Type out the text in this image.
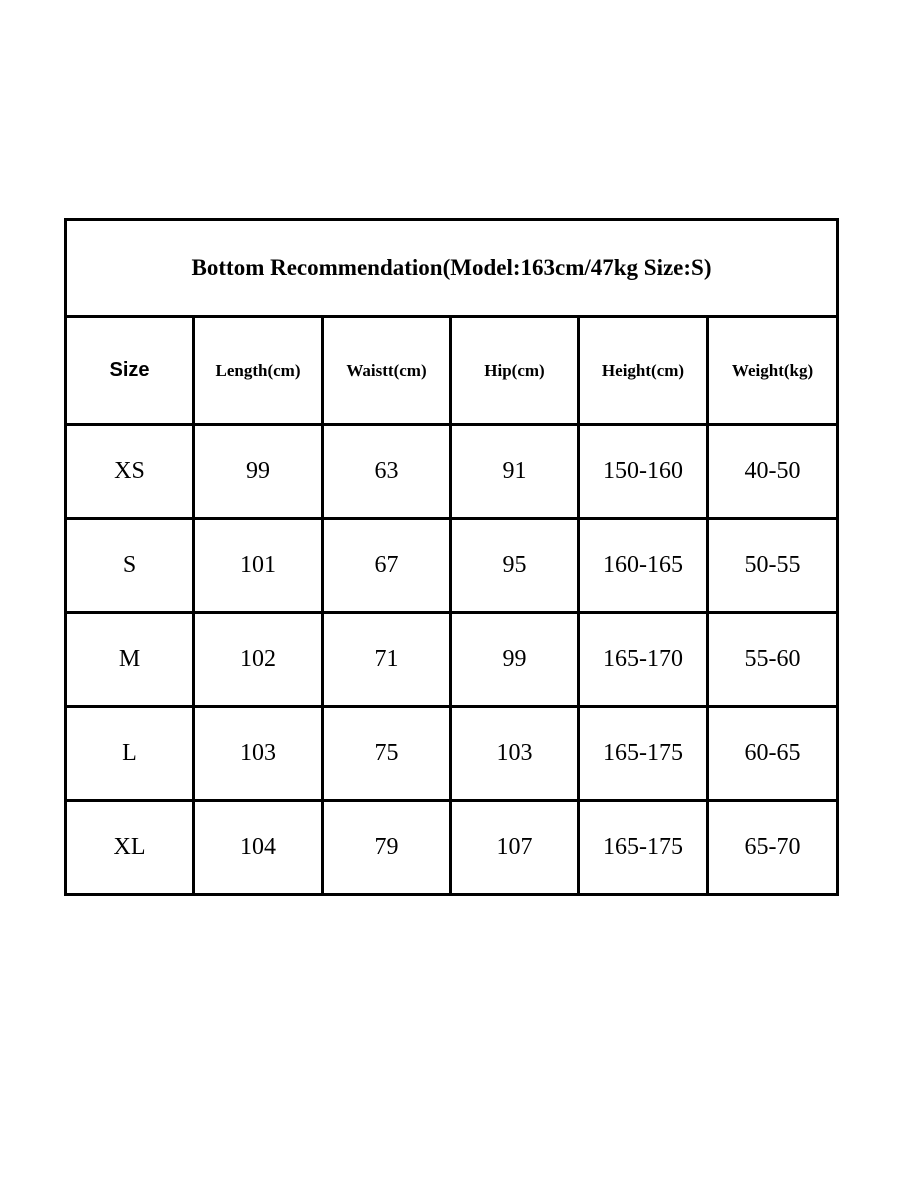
Bottom Recommendation(Model:163cm/47kg Size:S)					
Size	Length(cm)	Waistt(cm)	Hip(cm)	Height(cm)	Weight(kg)
XS	99	63	91	150-160	40-50
S	101	67	95	160-165	50-55
M	102	71	99	165-170	55-60
L	103	75	103	165-175	60-65
XL	104	79	107	165-175	65-70
